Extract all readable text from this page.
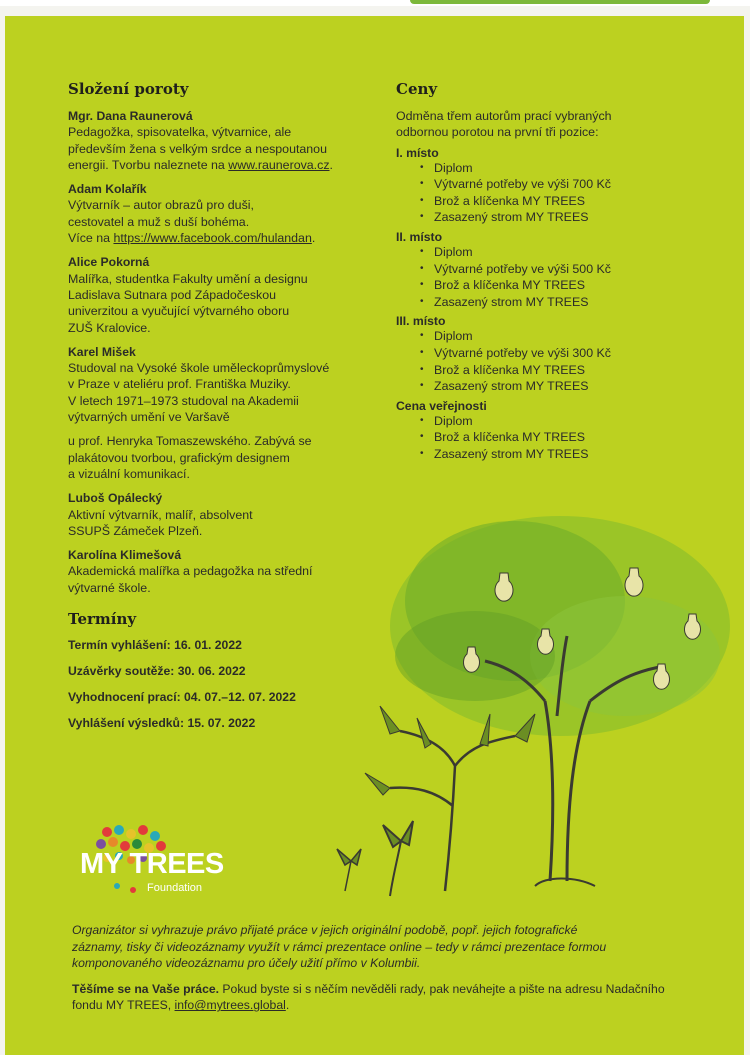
Složení poroty
Mgr. Dana Raunerová
Pedagožka, spisovatelka, výtvarnice, ale
především žena s velkým srdce a nespoutanou
energii. Tvorbu naleznete na www.raunerova.cz.
Adam Kolařík
Výtvarník – autor obrazů pro duši,
cestovatel a muž s duší bohéma.
Více na https://www.facebook.com/hulandan.
Alice Pokorná
Malířka, studentka Fakulty umění a designu
Ladislava Sutnara pod Západočeskou
univerzitou a vyučující výtvarného oboru
ZUŠ Kralovice.
Karel Mišek
Studoval na Vysoké škole uměleckoprůmyslové
v Praze v ateliéru prof. Františka Muziky.
V letech 1971–1973 studoval na Akademii
výtvarných umění ve Varšavě
u prof. Henryka Tomaszewského. Zabývá se
plakátovou tvorbou, grafickým designem
a vizuální komunikací.
Luboš Opálecký
Aktivní výtvarník, malíř, absolvent
SSUPŠ Zámeček Plzeň.
Karolína Klimešová
Akademická malířka a pedagožka na střední
výtvarné škole.
Termíny
Termín vyhlášení: 16. 01. 2022
Uzávěrky soutěže: 30. 06. 2022
Vyhodnocení prací: 04. 07.–12. 07. 2022
Vyhlášení výsledků: 15. 07. 2022
Ceny
Odměna třem autorům prací vybraných
odbornou porotou na první tři pozice:
I. místo
• Diplom
• Výtvarné potřeby ve výši 700 Kč
• Brož a klíčenka MY TREES
• Zasazený strom MY TREES
II. místo
• Diplom
• Výtvarné potřeby ve výši 500 Kč
• Brož a klíčenka MY TREES
• Zasazený strom MY TREES
III. místo
• Diplom
• Výtvarné potřeby ve výši 300 Kč
• Brož a klíčenka MY TREES
• Zasazený strom MY TREES
Cena veřejnosti
• Diplom
• Brož a klíčenka MY TREES
• Zasazený strom MY TREES
MY TREES
Foundation
Organizátor si vyhrazuje právo přijaté práce v jejich originální podobě, popř. jejich fotografické
záznamy, tisky či videozáznamy využít v rámci prezentace online – tedy v rámci prezentace formou
komponovaného videozáznamu pro účely užití přímo v Kolumbii.
Těšíme se na Vaše práce. Pokud byste si s něčím nevěděli rady, pak neváhejte a pište na adresu Nadačního fondu MY TREES, info@mytrees.global.
